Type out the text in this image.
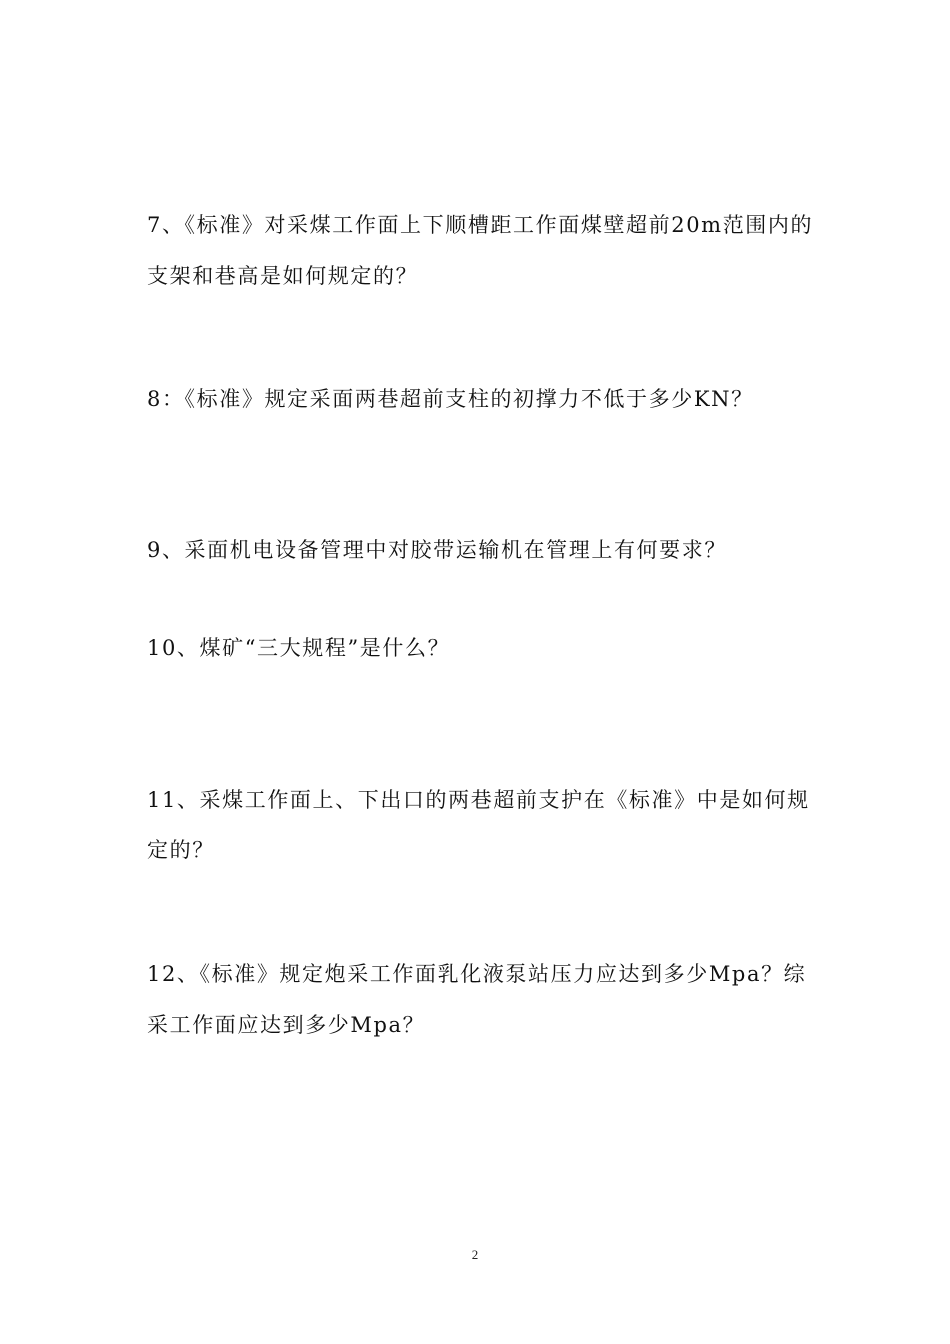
7、《标准》对采煤工作面上下顺槽距工作面煤壁超前20m范围内的
支架和巷高是如何规定的？
8：《标准》规定采面两巷超前支柱的初撑力不低于多少KN？
9、采面机电设备管理中对胶带运输机在管理上有何要求？
10、煤矿“三大规程”是什么？
11、采煤工作面上、下出口的两巷超前支护在《标准》中是如何规
定的？
12、《标准》规定炮采工作面乳化液泵站压力应达到多少Mpa？综
采工作面应达到多少Mpa？
2
